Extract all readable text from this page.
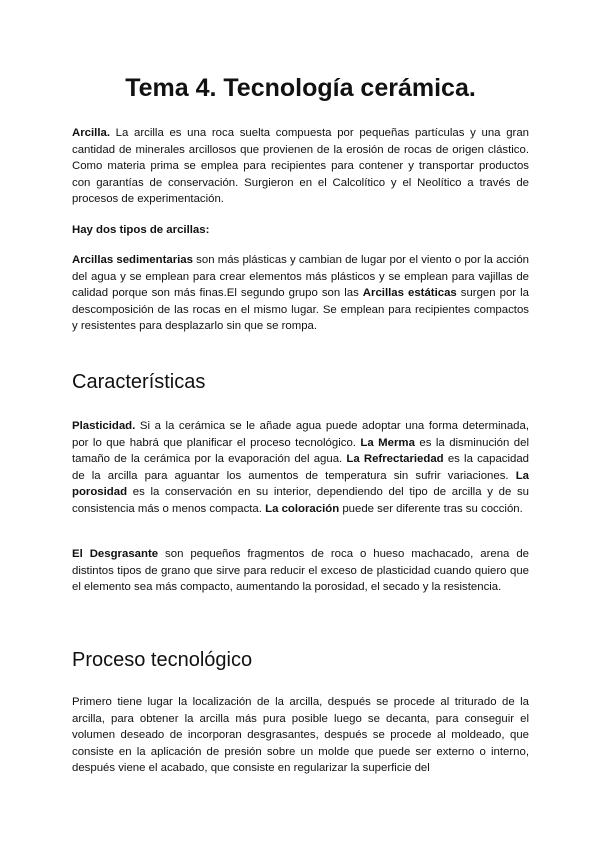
Tema 4. Tecnología cerámica.

Arcilla. La arcilla es una roca suelta compuesta por pequeñas partículas y una gran cantidad de minerales arcillosos que provienen de la erosión de rocas de origen clástico. Como materia prima se emplea para recipientes para contener y transportar productos con garantías de conservación. Surgieron en el Calcolítico y el Neolítico a través de procesos de experimentación.

Hay dos tipos de arcillas:

Arcillas sedimentarias son más plásticas y cambian de lugar por el viento o por la acción del agua y se emplean para crear elementos más plásticos y se emplean para vajillas de calidad porque son más finas.El segundo grupo son las Arcillas estáticas surgen por la descomposición de las rocas en el mismo lugar. Se emplean para recipientes compactos y resistentes para desplazarlo sin que se rompa.

Características

Plasticidad. Si a la cerámica se le añade agua puede adoptar una forma determinada, por lo que habrá que planificar el proceso tecnológico. La Merma es la disminución del tamaño de la cerámica por la evaporación del agua. La Refrectariedad es la capacidad de la arcilla para aguantar los aumentos de temperatura sin sufrir variaciones. La porosidad es la conservación en su interior, dependiendo del tipo de arcilla y de su consistencia más o menos compacta. La coloración puede ser diferente tras su cocción.

El Desgrasante son pequeños fragmentos de roca o hueso machacado, arena de distintos tipos de grano que sirve para reducir el exceso de plasticidad cuando quiero que el elemento sea más compacto, aumentando la porosidad, el secado y la resistencia.

Proceso tecnológico

Primero tiene lugar la localización de la arcilla, después se procede al triturado de la arcilla, para obtener la arcilla más pura posible luego se decanta, para conseguir el volumen deseado de incorporan desgrasantes, después se procede al moldeado, que consiste en la aplicación de presión sobre un molde que puede ser externo o interno, después viene el acabado, que consiste en regularizar la superficie del
